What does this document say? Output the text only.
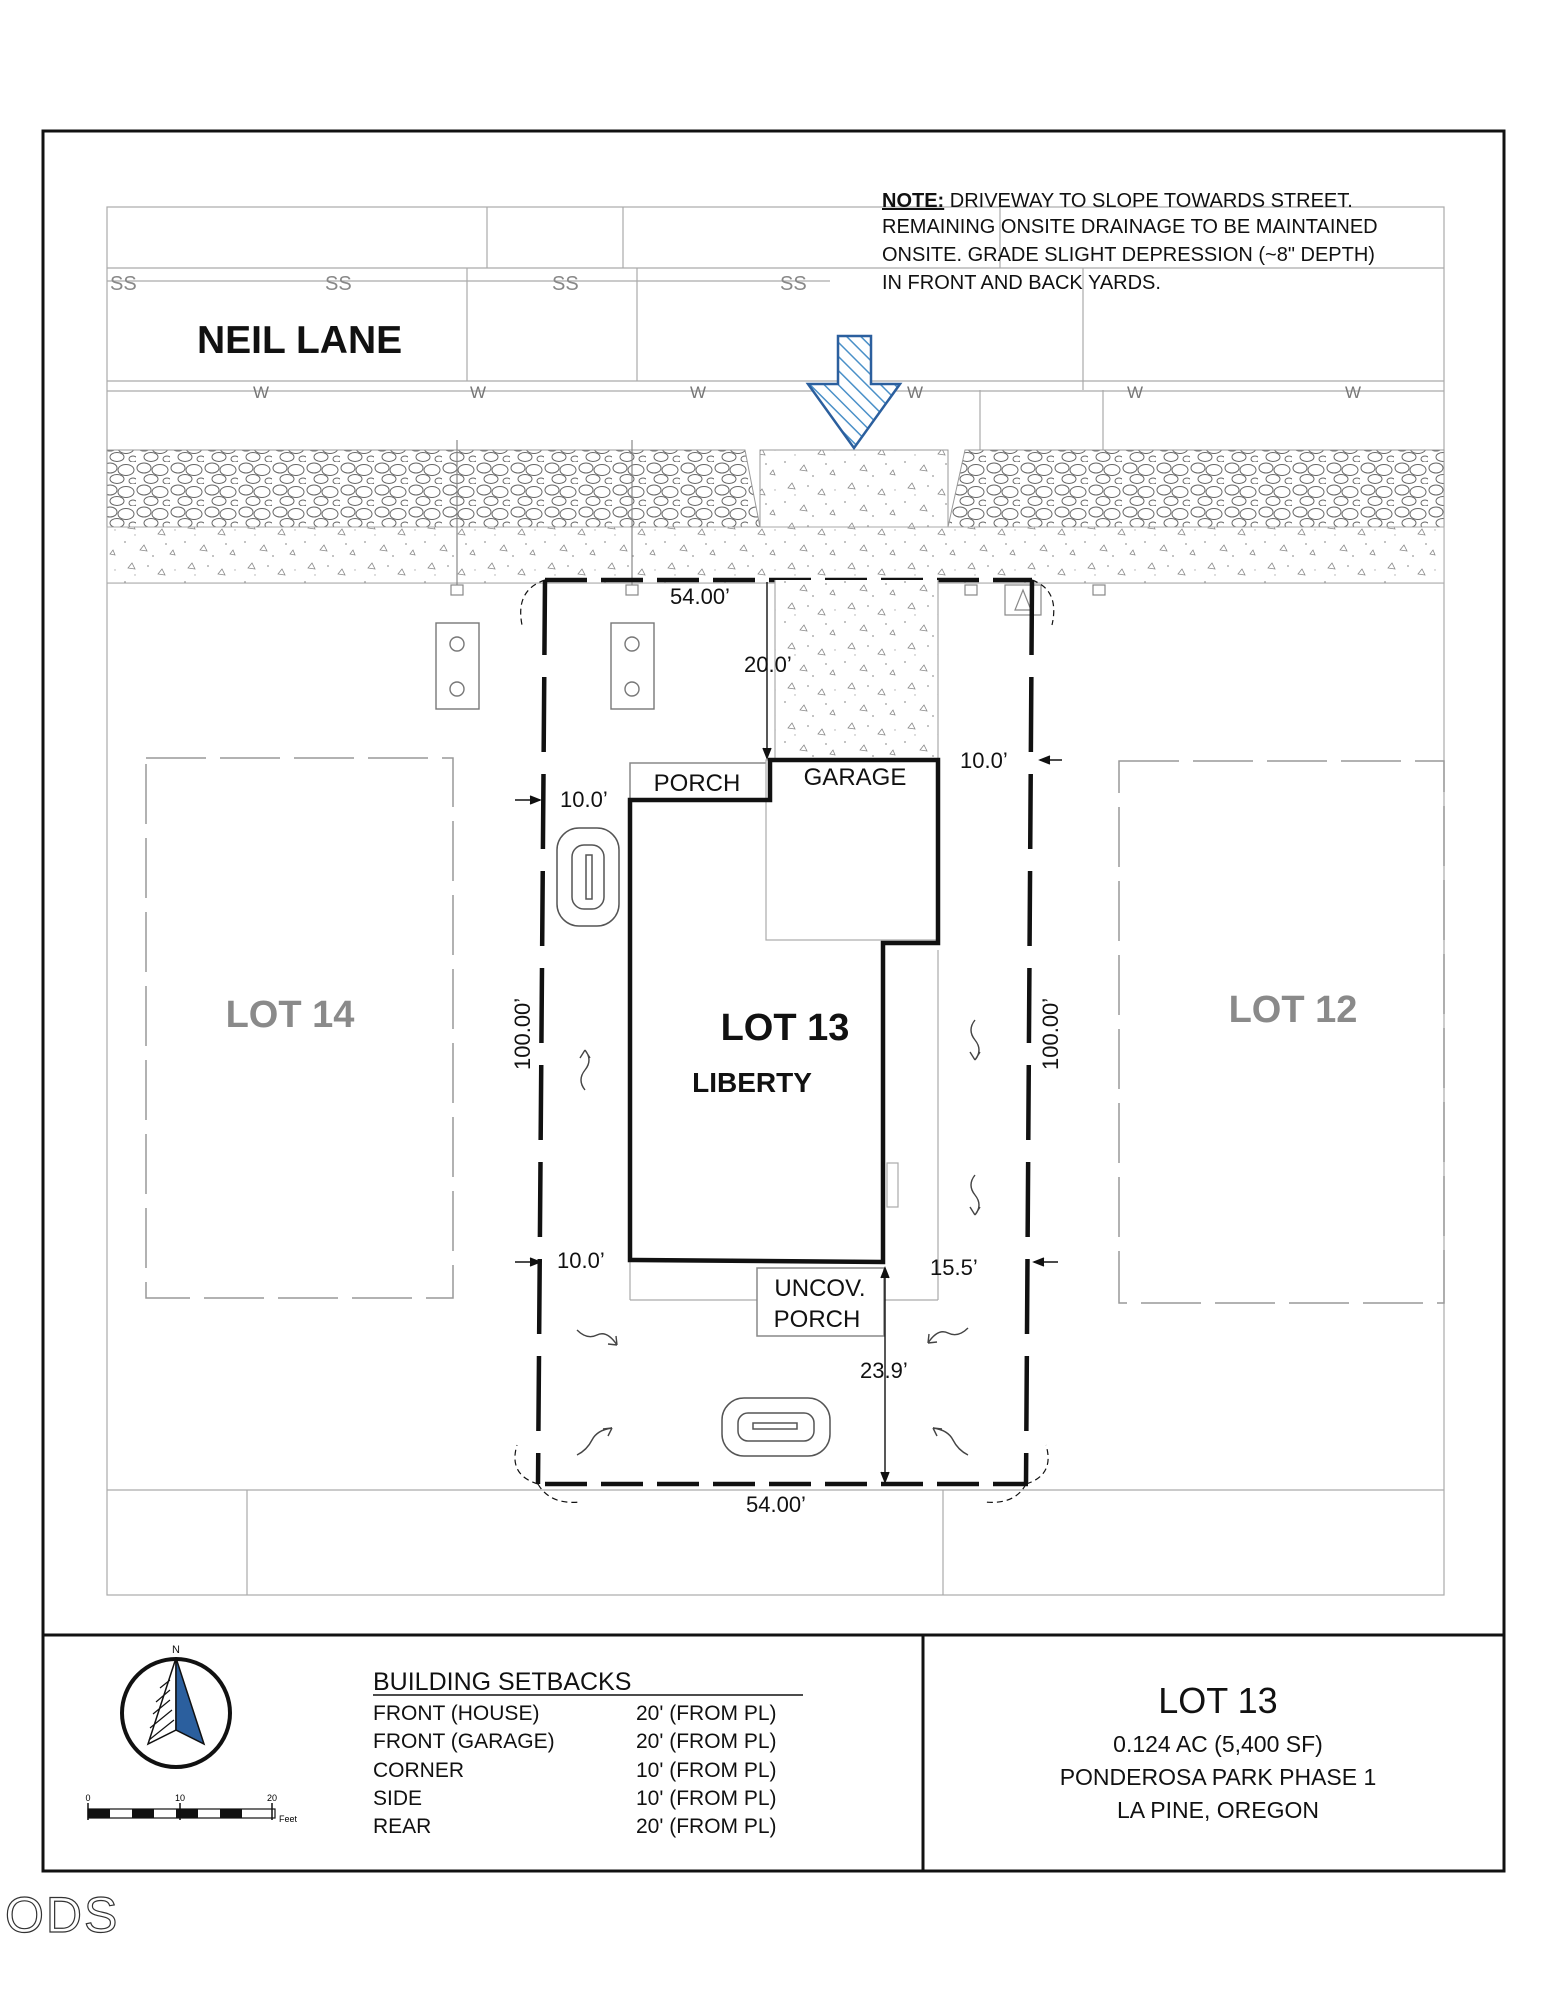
SS	SS	SS	SS
W	W	W	W	W	W
NEIL LANE
LOT 14	LOT 12
PORCH	GARAGE
UNCOV.
PORCH
LOT 13
LIBERTY
54.00’
20.0’
10.0’
10.0’
10.0’	15.5’
23.9’
54.00’
100.00’	100.00’
NOTE: DRIVEWAY TO SLOPE TOWARDS STREET.
REMAINING ONSITE DRAINAGE TO BE MAINTAINED
ONSITE. GRADE SLIGHT DEPRESSION (~8" DEPTH)
IN FRONT AND BACK YARDS.
N
0	10	20
Feet
BUILDING SETBACKS
FRONT (HOUSE)	20' (FROM PL)
FRONT (GARAGE)	20' (FROM PL)
CORNER	10' (FROM PL)
SIDE	10' (FROM PL)
REAR	20' (FROM PL)
LOT 13
0.124 AC (5,400 SF)
PONDEROSA PARK PHASE 1
LA PINE, OREGON
ODS
